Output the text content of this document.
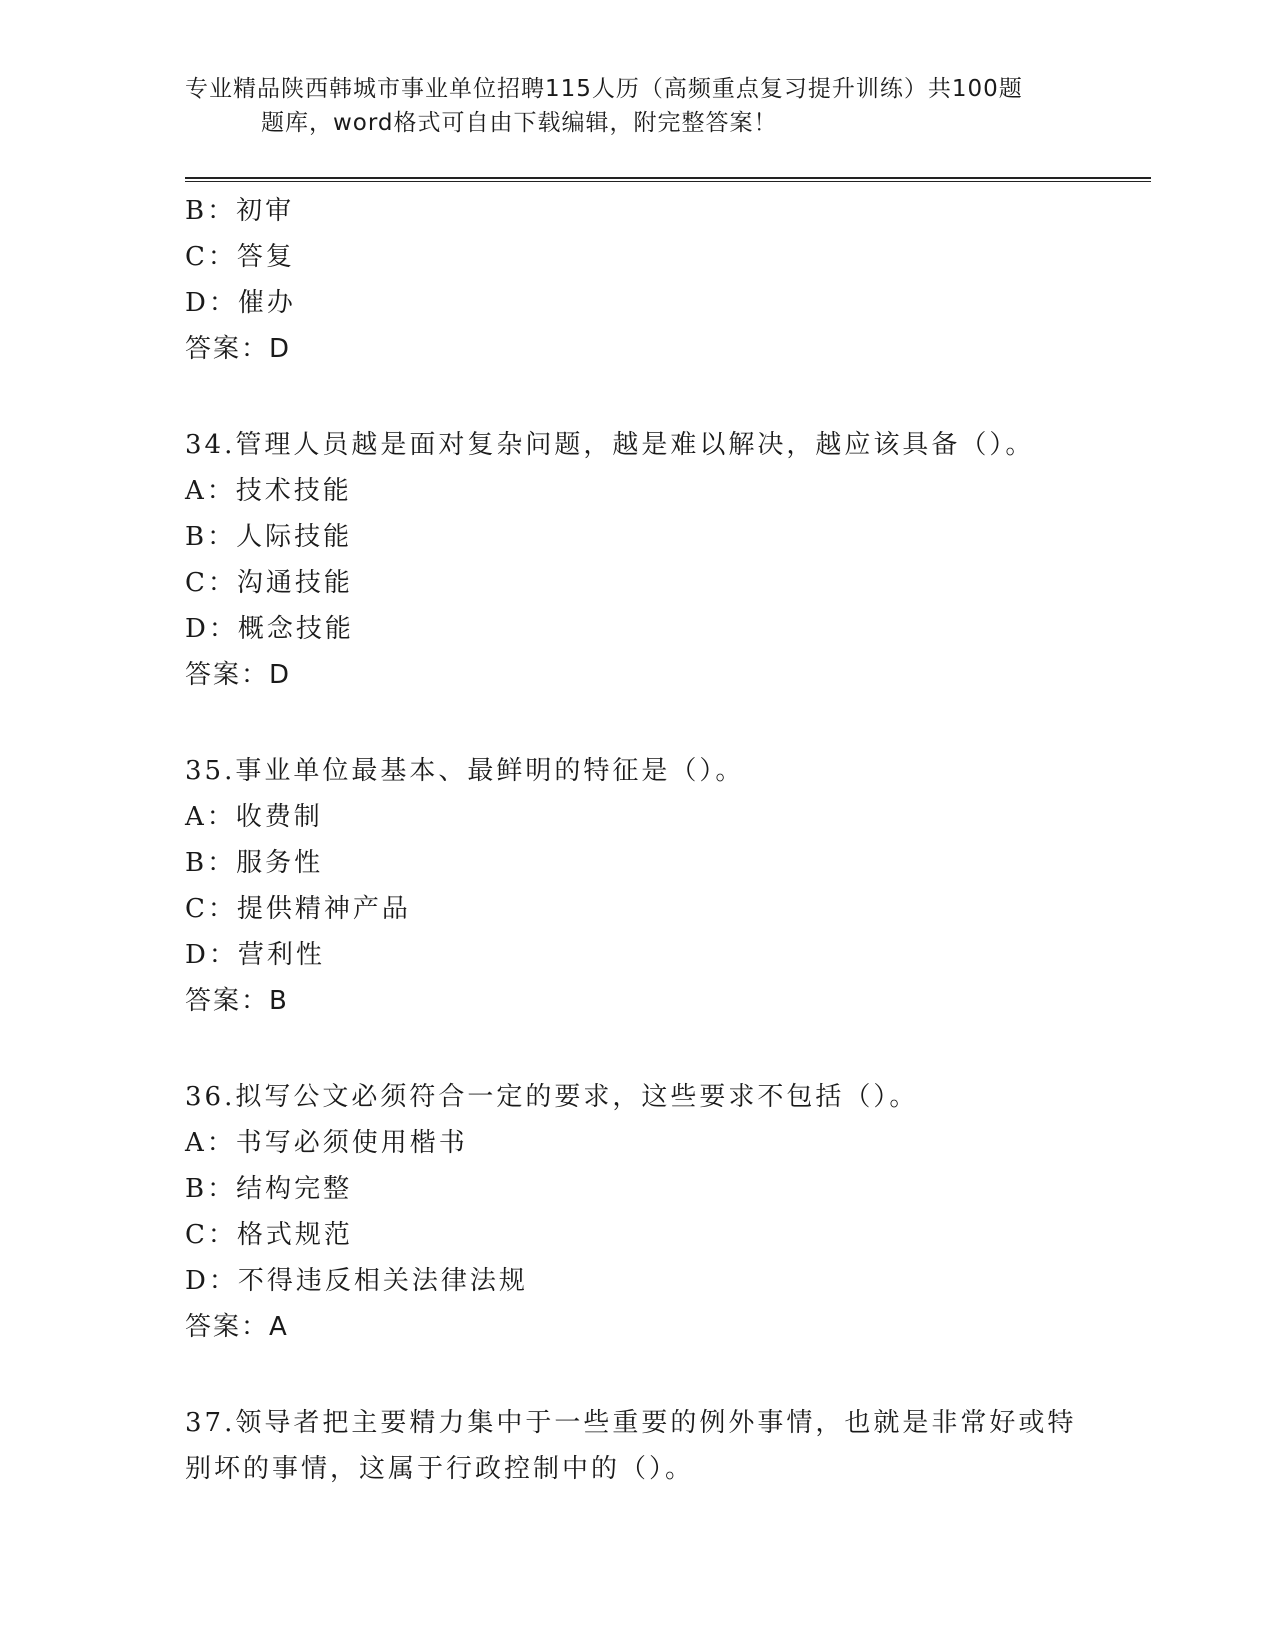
专业精品陕西韩城市事业单位招聘115人历（高频重点复习提升训练）共100题
题库，word格式可自由下载编辑，附完整答案！
B：初审
C：答复
D：催办
答案：D
34.管理人员越是面对复杂问题，越是难以解决，越应该具备（）。
A：技术技能
B：人际技能
C：沟通技能
D：概念技能
答案：D
35.事业单位最基本、最鲜明的特征是（）。
A：收费制
B：服务性
C：提供精神产品
D：营利性
答案：B
36.拟写公文必须符合一定的要求，这些要求不包括（）。
A：书写必须使用楷书
B：结构完整
C：格式规范
D：不得违反相关法律法规
答案：A
37.领导者把主要精力集中于一些重要的例外事情，也就是非常好或特
别坏的事情，这属于行政控制中的（）。
